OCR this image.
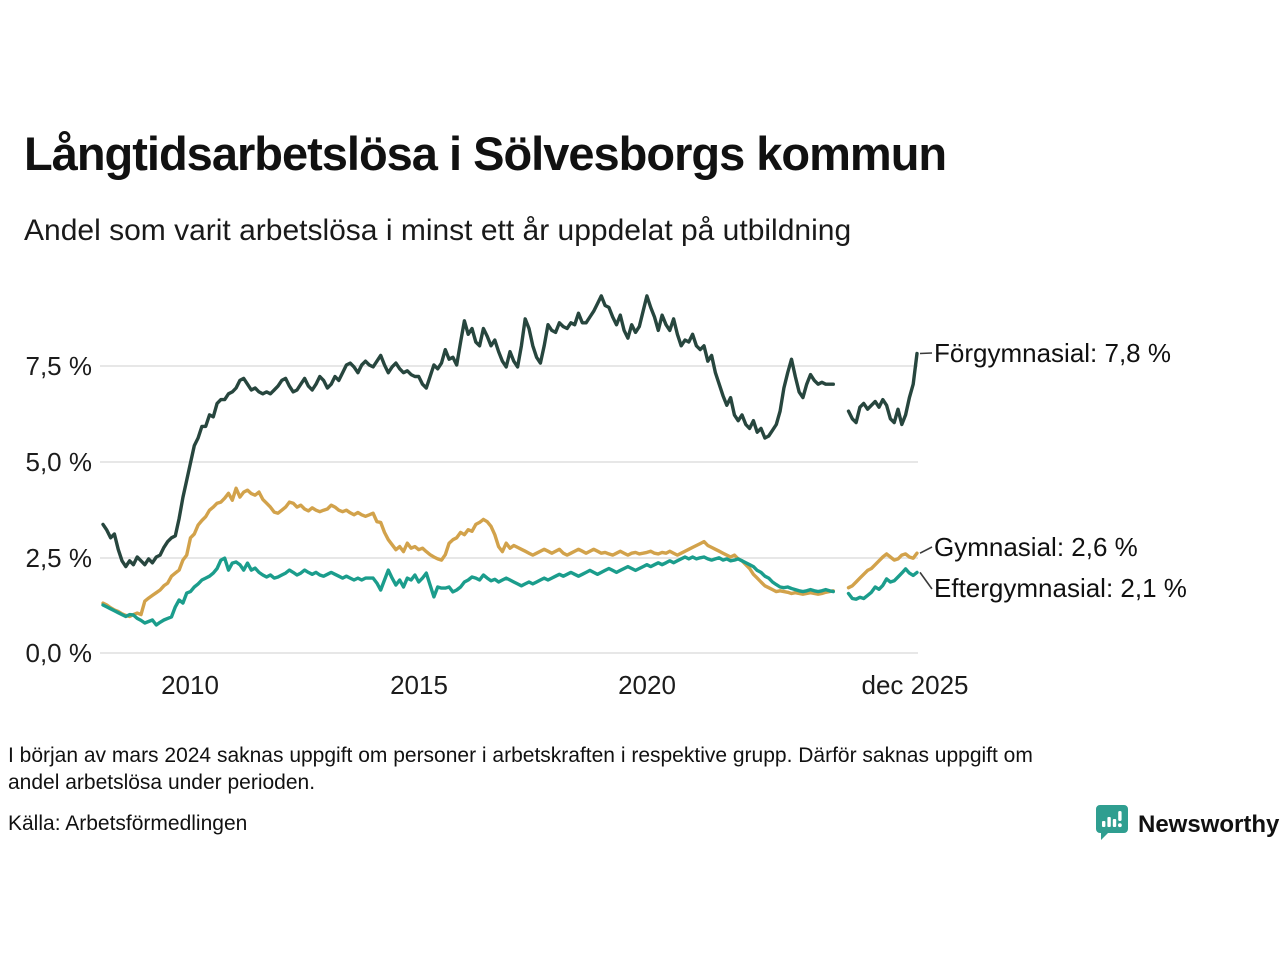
Långtidsarbetslösa i Sölvesborgs kommun
Andel som varit arbetslösa i minst ett år uppdelat på utbildning
7,5 %
5,0 %
2,5 %
0,0 %
2010	2015	2020	dec 2025
Förgymnasial: 7,8 %
Gymnasial: 2,6 %
Eftergymnasial: 2,1 %
I början av mars 2024 saknas uppgift om personer i arbetskraften i respektive grupp. Därför saknas uppgift om
andel arbetslösa under perioden.
Källa: Arbetsförmedlingen	Newsworthy
